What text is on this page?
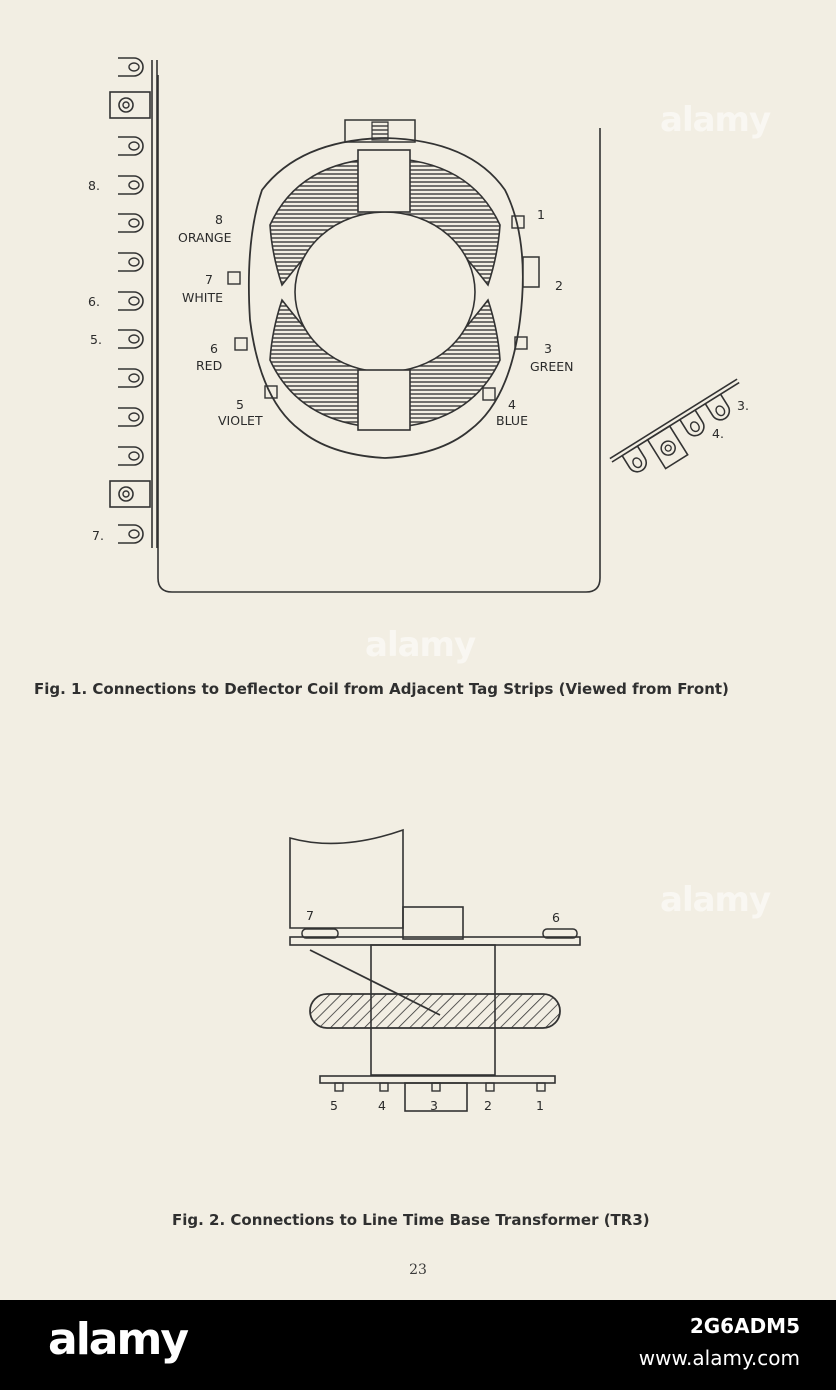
8.
6.
5.
7.
8
ORANGE
7
WHITE
6
RED
5
VIOLET
1
2
3
GREEN
4
BLUE
3.
4.
7	6
5	4	3	2	1
Fig. 1. Connections to Deflector Coil from Adjacent Tag Strips (Viewed from Front)
Fig. 2. Connections to Line Time Base Transformer (TR3)
23
alamy
alamy
alamy
alamy	2G6ADM5
www.alamy.com
